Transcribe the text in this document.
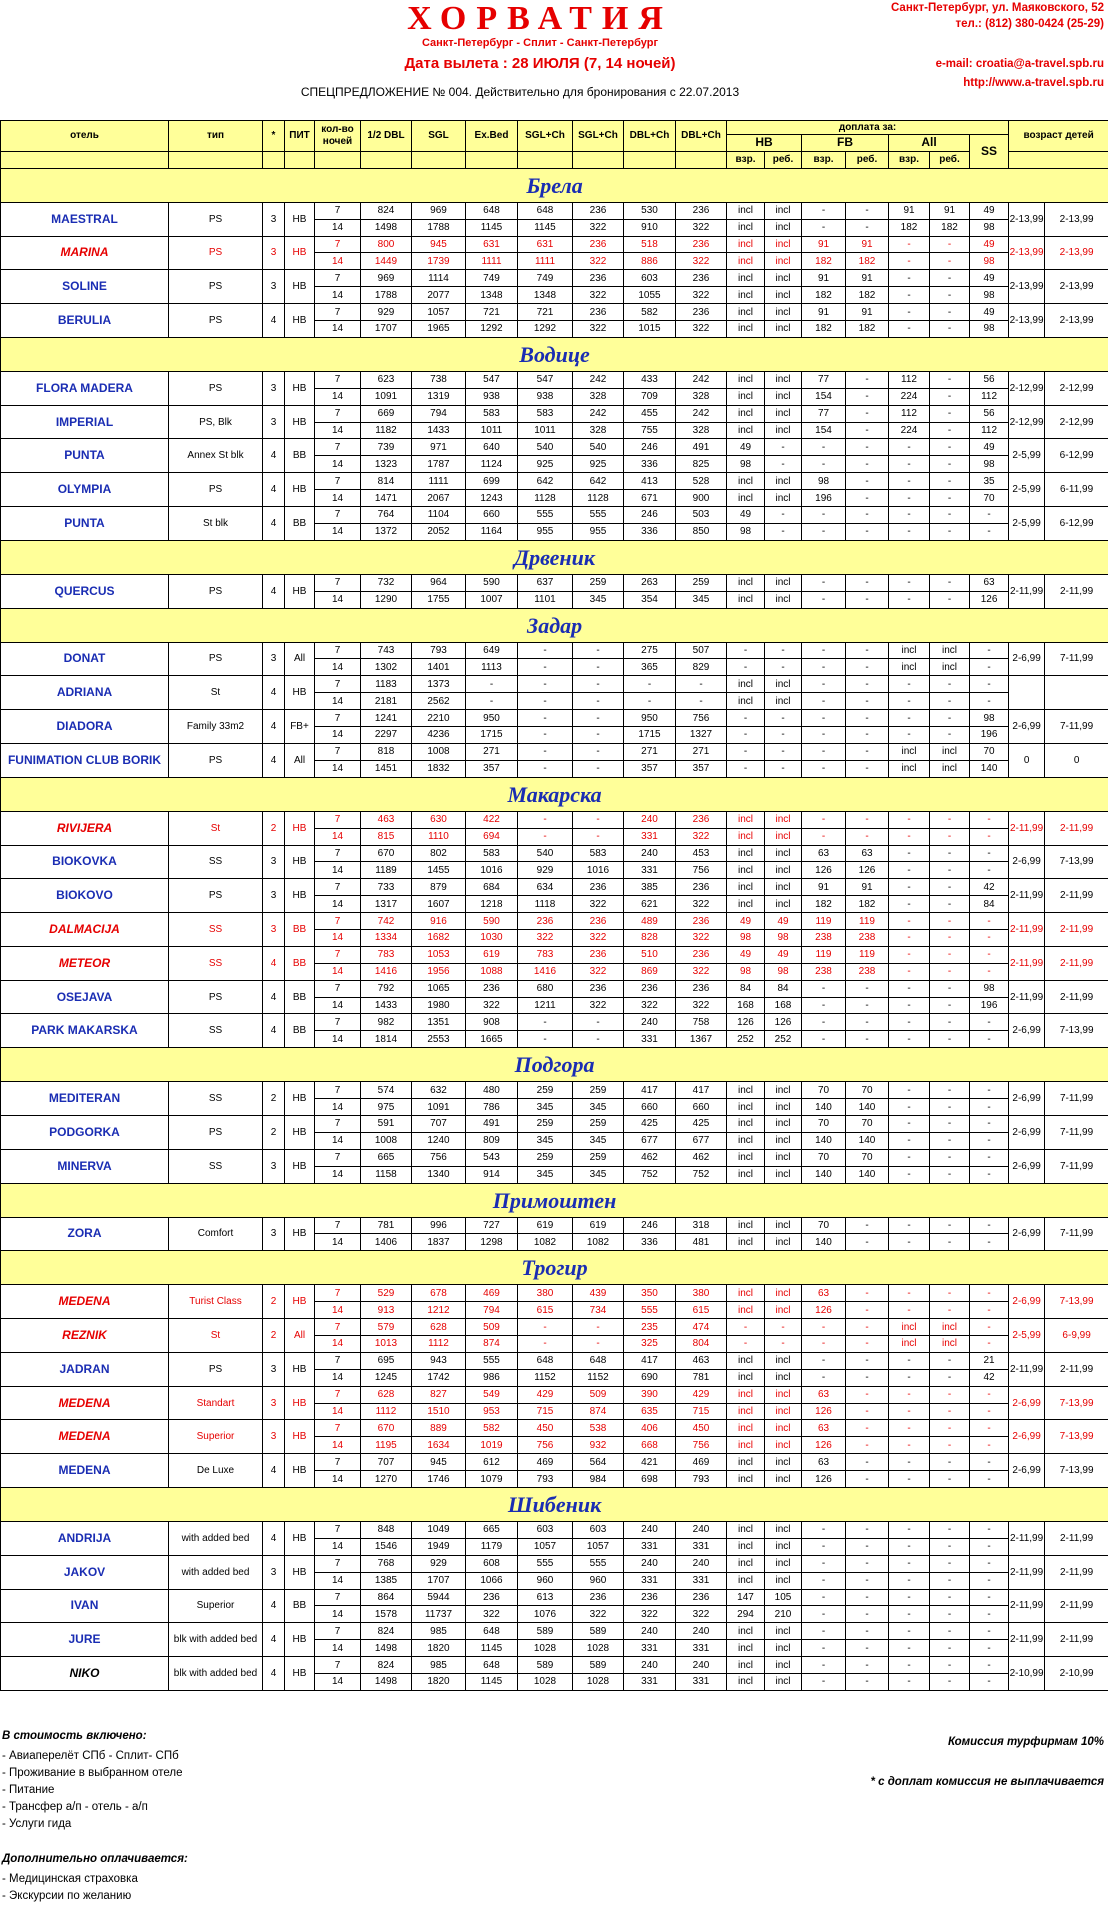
ХОРВАТИЯ
Санкт-Петербург - Сплит - Санкт-Петербург
Дата вылета : 28 ИЮЛЯ (7, 14 ночей)
СПЕЦПРЕДЛОЖЕНИЕ № 004. Действительно для бронирования с 22.07.2013
Санкт-Петербург, ул. Маяковского, 52
тел.: (812) 380-0424 (25-29)
e-mail: croatia@a-travel.spb.ru
http://www.a-travel.spb.ru
отель	тип	*	ПИТ	кол-во ночей	1/2 DBL	SGL	Ex.Bed	SGL+Ch	SGL+Ch	DBL+Ch	DBL+Ch	доплата за:							возраст детей	
												HB		FB		All		SS		
												взр.	реб.	взр.	реб.	взр.	реб.			
Брела																				
MAESTRAL	PS	3	HB	7	824	969	648	648	236	530	236	incl	incl	-	-	91	91	49	2-13,99	2-13,99
				14	1498	1788	1145	1145	322	910	322	incl	incl	-	-	182	182	98		
MARINA	PS	3	HB	7	800	945	631	631	236	518	236	incl	incl	91	91	-	-	49	2-13,99	2-13,99
				14	1449	1739	1111	1111	322	886	322	incl	incl	182	182	-	-	98		
SOLINE	PS	3	HB	7	969	1114	749	749	236	603	236	incl	incl	91	91	-	-	49	2-13,99	2-13,99
				14	1788	2077	1348	1348	322	1055	322	incl	incl	182	182	-	-	98		
BERULIA	PS	4	HB	7	929	1057	721	721	236	582	236	incl	incl	91	91	-	-	49	2-13,99	2-13,99
				14	1707	1965	1292	1292	322	1015	322	incl	incl	182	182	-	-	98		
Водице																				
FLORA MADERA	PS	3	HB	7	623	738	547	547	242	433	242	incl	incl	77	-	112	-	56	2-12,99	2-12,99
				14	1091	1319	938	938	328	709	328	incl	incl	154	-	224	-	112		
IMPERIAL	PS, Blk	3	HB	7	669	794	583	583	242	455	242	incl	incl	77	-	112	-	56	2-12,99	2-12,99
				14	1182	1433	1011	1011	328	755	328	incl	incl	154	-	224	-	112		
PUNTA	Annex St blk	4	BB	7	739	971	640	540	540	246	491	49	-	-	-	-	-	49	2-5,99	6-12,99
				14	1323	1787	1124	925	925	336	825	98	-	-	-	-	-	98		
OLYMPIA	PS	4	HB	7	814	1111	699	642	642	413	528	incl	incl	98	-	-	-	35	2-5,99	6-11,99
				14	1471	2067	1243	1128	1128	671	900	incl	incl	196	-	-	-	70		
PUNTA	St blk	4	BB	7	764	1104	660	555	555	246	503	49	-	-	-	-	-	-	2-5,99	6-12,99
				14	1372	2052	1164	955	955	336	850	98	-	-	-	-	-	-		
Дрвеник																				
QUERCUS	PS	4	HB	7	732	964	590	637	259	263	259	incl	incl	-	-	-	-	63	2-11,99	2-11,99
				14	1290	1755	1007	1101	345	354	345	incl	incl	-	-	-	-	126		
Задар																				
DONAT	PS	3	All	7	743	793	649	-	-	275	507	-	-	-	-	incl	incl	-	2-6,99	7-11,99
				14	1302	1401	1113	-	-	365	829	-	-	-	-	incl	incl	-		
ADRIANA	St	4	HB	7	1183	1373	-	-	-	-	-	incl	incl	-	-	-	-	-		
				14	2181	2562	-	-	-	-	-	incl	incl	-	-	-	-	-		
DIADORA	Family 33m2	4	FB+	7	1241	2210	950	-	-	950	756	-	-	-	-	-	-	98	2-6,99	7-11,99
				14	2297	4236	1715	-	-	1715	1327	-	-	-	-	-	-	196		
FUNIMATION CLUB BORIK	PS	4	All	7	818	1008	271	-	-	271	271	-	-	-	-	incl	incl	70	0	0
				14	1451	1832	357	-	-	357	357	-	-	-	-	incl	incl	140		
Макарска																				
RIVIJERA	St	2	HB	7	463	630	422	-	-	240	236	incl	incl	-	-	-	-	-	2-11,99	2-11,99
				14	815	1110	694	-	-	331	322	incl	incl	-	-	-	-	-		
BIOKOVKA	SS	3	HB	7	670	802	583	540	583	240	453	incl	incl	63	63	-	-	-	2-6,99	7-13,99
				14	1189	1455	1016	929	1016	331	756	incl	incl	126	126	-	-	-		
BIOKOVO	PS	3	HB	7	733	879	684	634	236	385	236	incl	incl	91	91	-	-	42	2-11,99	2-11,99
				14	1317	1607	1218	1118	322	621	322	incl	incl	182	182	-	-	84		
DALMACIJA	SS	3	BB	7	742	916	590	236	236	489	236	49	49	119	119	-	-	-	2-11,99	2-11,99
				14	1334	1682	1030	322	322	828	322	98	98	238	238	-	-	-		
METEOR	SS	4	BB	7	783	1053	619	783	236	510	236	49	49	119	119	-	-	-	2-11,99	2-11,99
				14	1416	1956	1088	1416	322	869	322	98	98	238	238	-	-	-		
OSEJAVA	PS	4	BB	7	792	1065	236	680	236	236	236	84	84	-	-	-	-	98	2-11,99	2-11,99
				14	1433	1980	322	1211	322	322	322	168	168	-	-	-	-	196		
PARK MAKARSKA	SS	4	BB	7	982	1351	908	-	-	240	758	126	126	-	-	-	-	-	2-6,99	7-13,99
				14	1814	2553	1665	-	-	331	1367	252	252	-	-	-	-	-		
Подгора																				
MEDITERAN	SS	2	HB	7	574	632	480	259	259	417	417	incl	incl	70	70	-	-	-	2-6,99	7-11,99
				14	975	1091	786	345	345	660	660	incl	incl	140	140	-	-	-		
PODGORKA	PS	2	HB	7	591	707	491	259	259	425	425	incl	incl	70	70	-	-	-	2-6,99	7-11,99
				14	1008	1240	809	345	345	677	677	incl	incl	140	140	-	-	-		
MINERVA	SS	3	HB	7	665	756	543	259	259	462	462	incl	incl	70	70	-	-	-	2-6,99	7-11,99
				14	1158	1340	914	345	345	752	752	incl	incl	140	140	-	-	-		
Примоштен																				
ZORA	Comfort	3	HB	7	781	996	727	619	619	246	318	incl	incl	70	-	-	-	-	2-6,99	7-11,99
				14	1406	1837	1298	1082	1082	336	481	incl	incl	140	-	-	-	-		
Трогир																				
MEDENA	Turist Class	2	HB	7	529	678	469	380	439	350	380	incl	incl	63	-	-	-	-	2-6,99	7-13,99
				14	913	1212	794	615	734	555	615	incl	incl	126	-	-	-	-		
REZNIK	St	2	All	7	579	628	509	-	-	235	474	-	-	-	-	incl	incl	-	2-5,99	6-9,99
				14	1013	1112	874	-	-	325	804	-	-	-	-	incl	incl	-		
JADRAN	PS	3	HB	7	695	943	555	648	648	417	463	incl	incl	-	-	-	-	21	2-11,99	2-11,99
				14	1245	1742	986	1152	1152	690	781	incl	incl	-	-	-	-	42		
MEDENA	Standart	3	HB	7	628	827	549	429	509	390	429	incl	incl	63	-	-	-	-	2-6,99	7-13,99
				14	1112	1510	953	715	874	635	715	incl	incl	126	-	-	-	-		
MEDENA	Superior	3	HB	7	670	889	582	450	538	406	450	incl	incl	63	-	-	-	-	2-6,99	7-13,99
				14	1195	1634	1019	756	932	668	756	incl	incl	126	-	-	-	-		
MEDENA	De Luxe	4	HB	7	707	945	612	469	564	421	469	incl	incl	63	-	-	-	-	2-6,99	7-13,99
				14	1270	1746	1079	793	984	698	793	incl	incl	126	-	-	-	-		
Шибеник																				
ANDRIJA	with added bed	4	HB	7	848	1049	665	603	603	240	240	incl	incl	-	-	-	-	-	2-11,99	2-11,99
				14	1546	1949	1179	1057	1057	331	331	incl	incl	-	-	-	-	-		
JAKOV	with added bed	3	HB	7	768	929	608	555	555	240	240	incl	incl	-	-	-	-	-	2-11,99	2-11,99
				14	1385	1707	1066	960	960	331	331	incl	incl	-	-	-	-	-		
IVAN	Superior	4	BB	7	864	5944	236	613	236	236	236	147	105	-	-	-	-	-	2-11,99	2-11,99
				14	1578	11737	322	1076	322	322	322	294	210	-	-	-	-	-		
JURE	blk with added bed	4	HB	7	824	985	648	589	589	240	240	incl	incl	-	-	-	-	-	2-11,99	2-11,99
				14	1498	1820	1145	1028	1028	331	331	incl	incl	-	-	-	-	-		
NIKO	blk with added bed	4	HB	7	824	985	648	589	589	240	240	incl	incl	-	-	-	-	-	2-10,99	2-10,99
				14	1498	1820	1145	1028	1028	331	331	incl	incl	-	-	-	-	-		
В стоимость включено:
- Авиаперелёт СПб - Сплит- СПб
- Проживание в выбранном отеле
- Питание
- Трансфер а/п - отель - а/п
- Услуги гида
Дополнительно оплачивается:
- Медицинская страховка
- Экскурсии по желанию
Комиссия турфирмам 10%
* с доплат комиссия не выплачивается
